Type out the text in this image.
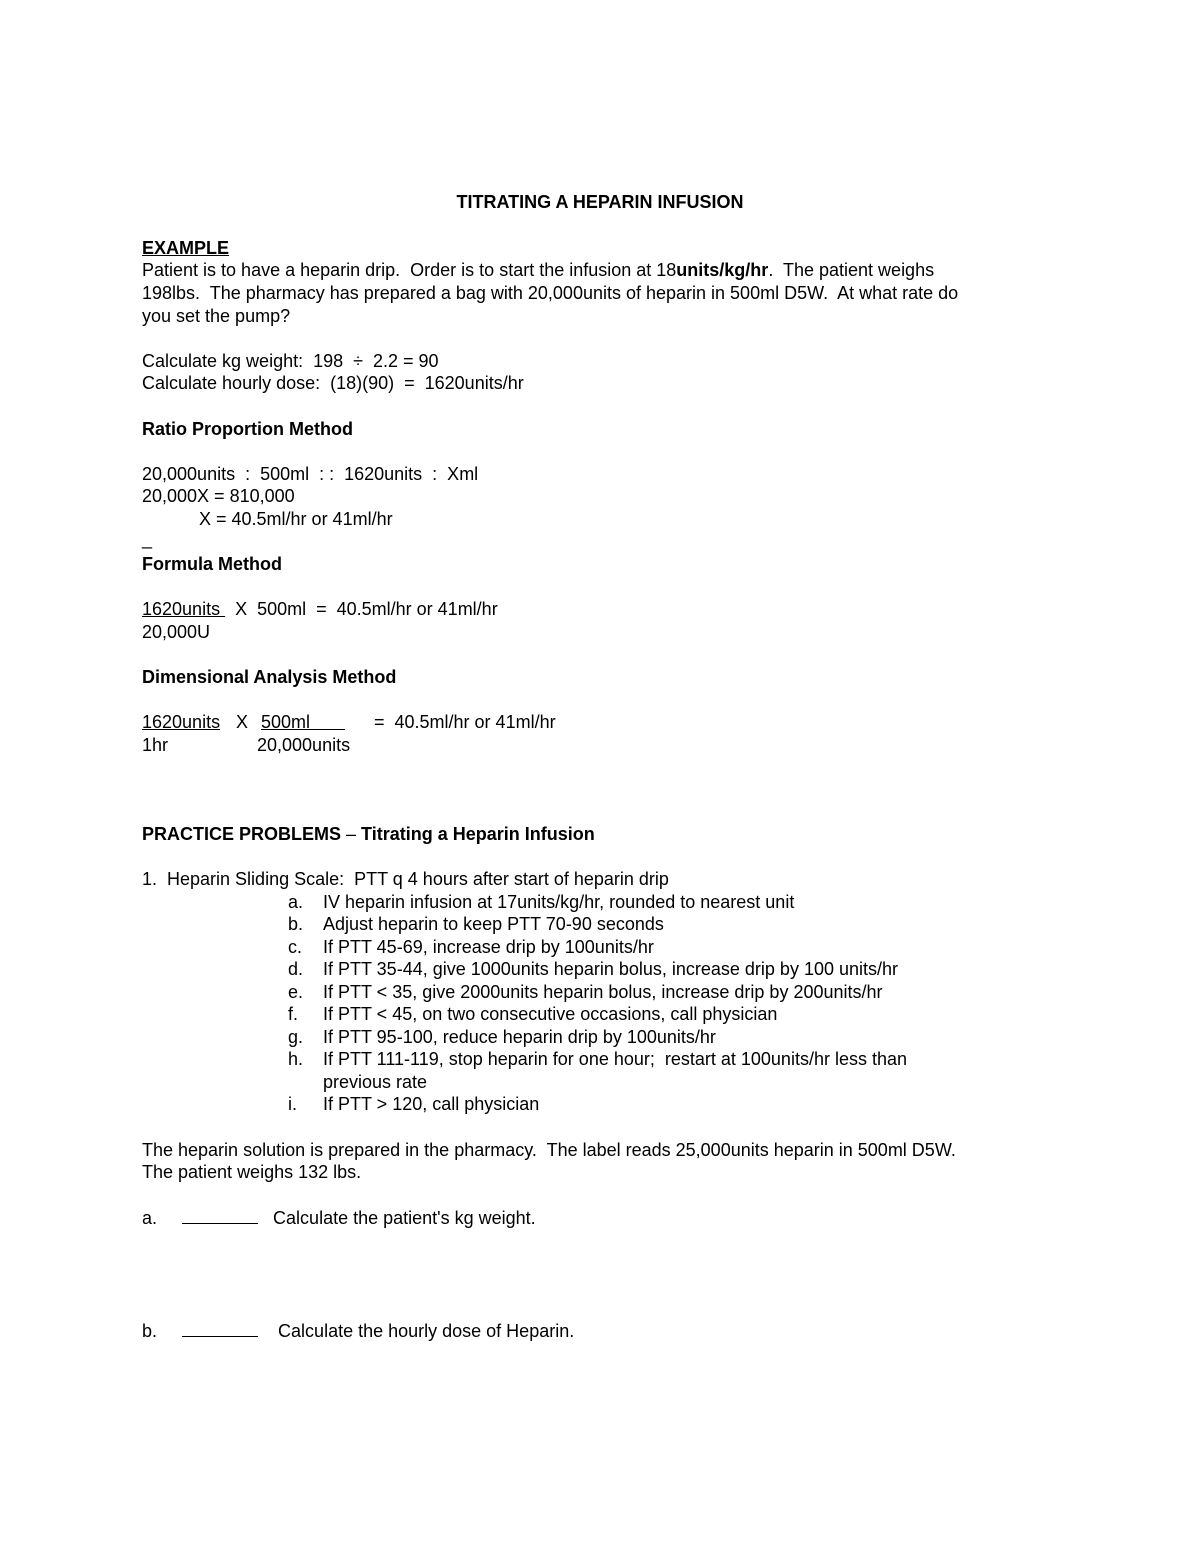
TITRATING A HEPARIN INFUSION
EXAMPLE
Patient is to have a heparin drip.  Order is to start the infusion at 18units/kg/hr.  The patient weighs
198lbs.  The pharmacy has prepared a bag with 20,000units of heparin in 500ml D5W.  At what rate do
you set the pump?
Calculate kg weight:  198  ÷  2.2 = 90
Calculate hourly dose:  (18)(90)  =  1620units/hr
Ratio Proportion Method
20,000units  :  500ml  : :  1620units  :  Xml
20,000X = 810,000
X = 40.5ml/hr or 41ml/hr
_
Formula Method
1620units   X  500ml  =  40.5ml/hr or 41ml/hr
20,000U
Dimensional Analysis Method
1620units X 500ml =  40.5ml/hr or 41ml/hr
1hr	20,000units
PRACTICE PROBLEMS – Titrating a Heparin Infusion
1.  Heparin Sliding Scale:  PTT q 4 hours after start of heparin drip
a. IV heparin infusion at 17units/kg/hr, rounded to nearest unit
b. Adjust heparin to keep PTT 70-90 seconds
c. If PTT 45-69, increase drip by 100units/hr
d. If PTT 35-44, give 1000units heparin bolus, increase drip by 100 units/hr
e. If PTT < 35, give 2000units heparin bolus, increase drip by 200units/hr
f. If PTT < 45, on two consecutive occasions, call physician
g. If PTT 95-100, reduce heparin drip by 100units/hr
h. If PTT 111-119, stop heparin for one hour;  restart at 100units/hr less than
previous rate
i. If PTT > 120, call physician
The heparin solution is prepared in the pharmacy.  The label reads 25,000units heparin in 500ml D5W.
The patient weighs 132 lbs.
a.	Calculate the patient's kg weight.
b.	Calculate the hourly dose of Heparin.
